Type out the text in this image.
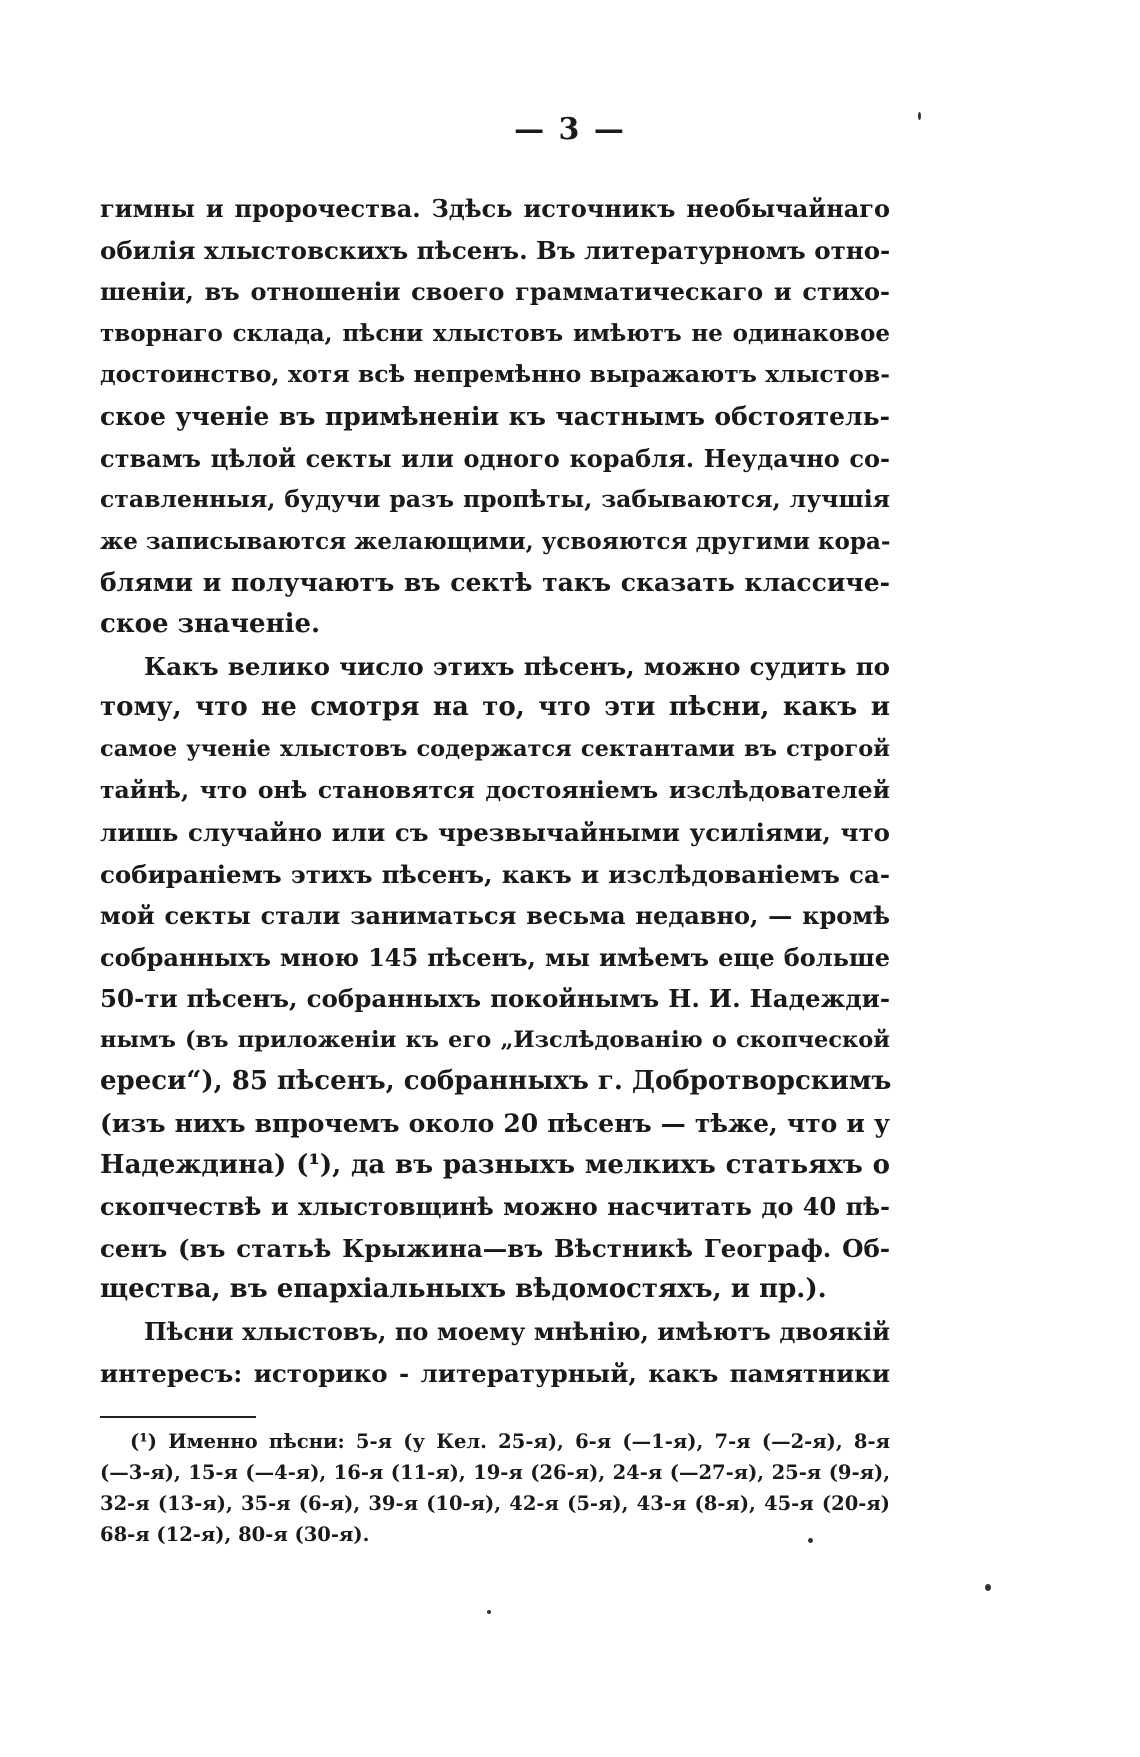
— 3 —
гимны и пророчества. Здѣсь источникъ необычайнаго
обилія хлыстовскихъ пѣсенъ. Въ литературномъ отно-
шеніи, въ отношеніи своего грамматическаго и стихо-
творнаго склада, пѣсни хлыстовъ имѣютъ не одинаковое
достоинство, хотя всѣ непремѣнно выражаютъ хлыстов-
ское ученіе въ примѣненіи къ частнымъ обстоятель-
ствамъ цѣлой секты или одного корабля. Неудачно со-
ставленныя, будучи разъ пропѣты, забываются, лучшія
же записываются желающими, усвояются другими кора-
блями и получаютъ въ сектѣ такъ сказать классиче-
ское значеніе.
Какъ велико число этихъ пѣсенъ, можно судить по
тому, что не смотря на то, что эти пѣсни, какъ и
самое ученіе хлыстовъ содержатся сектантами въ строгой
тайнѣ, что онѣ становятся достояніемъ изслѣдователей
лишь случайно или съ чрезвычайными усиліями, что
собираніемъ этихъ пѣсенъ, какъ и изслѣдованіемъ са-
мой секты стали заниматься весьма недавно, — кромѣ
собранныхъ мною 145 пѣсенъ, мы имѣемъ еще больше
50-ти пѣсенъ, собранныхъ покойнымъ Н. И. Надежди-
нымъ (въ приложеніи къ его „Изслѣдованію о скопческой
ереси“), 85 пѣсенъ, собранныхъ г. Добротворскимъ
(изъ нихъ впрочемъ около 20 пѣсенъ — тѣже, что и у
Надеждина) (¹), да въ разныхъ мелкихъ статьяхъ о
скопчествѣ и хлыстовщинѣ можно насчитать до 40 пѣ-
сенъ (въ статьѣ Крыжина—въ Вѣстникѣ Географ. Об-
щества, въ епархіальныхъ вѣдомостяхъ, и пр.).
Пѣсни хлыстовъ, по моему мнѣнію, имѣютъ двоякій
интересъ: историко - литературный, какъ памятники
(¹) Именно пѣсни: 5-я (у Кел. 25-я), 6-я (—1-я), 7-я (—2-я), 8-я
(—3-я), 15-я (—4-я), 16-я (11-я), 19-я (26-я), 24-я (—27-я), 25-я (9-я),
32-я (13-я), 35-я (6-я), 39-я (10-я), 42-я (5-я), 43-я (8-я), 45-я (20-я)
68-я (12-я), 80-я (30-я).
